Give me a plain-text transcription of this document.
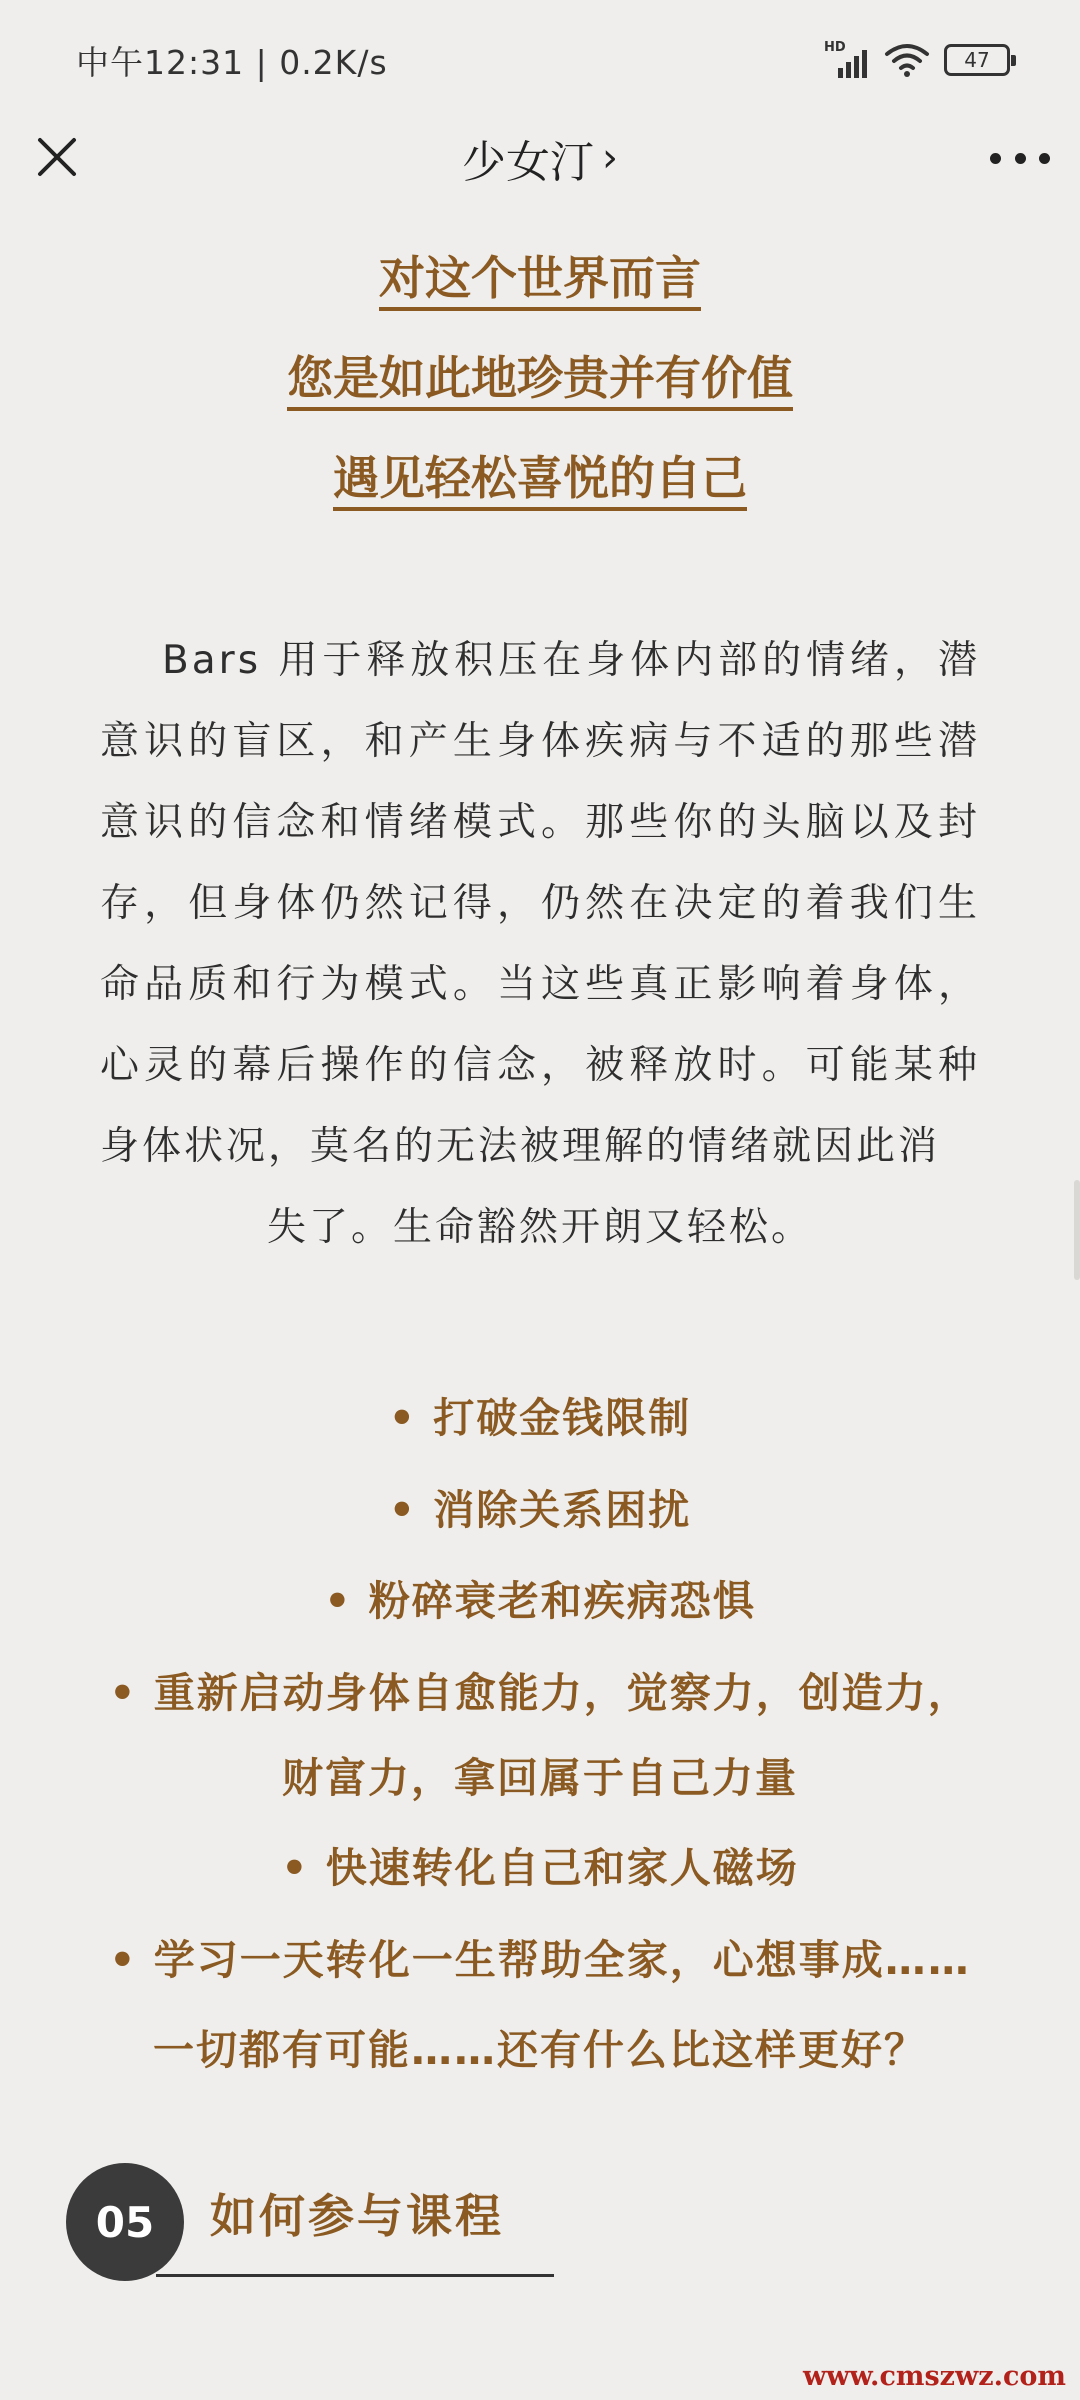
中午12:31 | 0.2K/s	HD
47
少女汀 ›
对这个世界而言
您是如此地珍贵并有价值
遇见轻松喜悦的自己
Bars 用于释放积压在身体内部的情绪，潜意识的盲区，和产生身体疾病与不适的那些潜意识的信念和情绪模式。那些你的头脑以及封存，但身体仍然记得，仍然在决定的着我们生命品质和行为模式。当这些真正影响着身体，心灵的幕后操作的信念，被释放时。可能某种身体状况，莫名的无法被理解的情绪就因此消
失了。生命豁然开朗又轻松。
• 打破金钱限制
• 消除关系困扰
• 粉碎衰老和疾病恐惧
• 重新启动身体自愈能力，觉察力，创造力，
财富力，拿回属于自己力量
• 快速转化自己和家人磁场
• 学习一天转化一生帮助全家，心想事成……
一切都有可能……还有什么比这样更好？
05	如何参与课程
www.cmszwz.com
